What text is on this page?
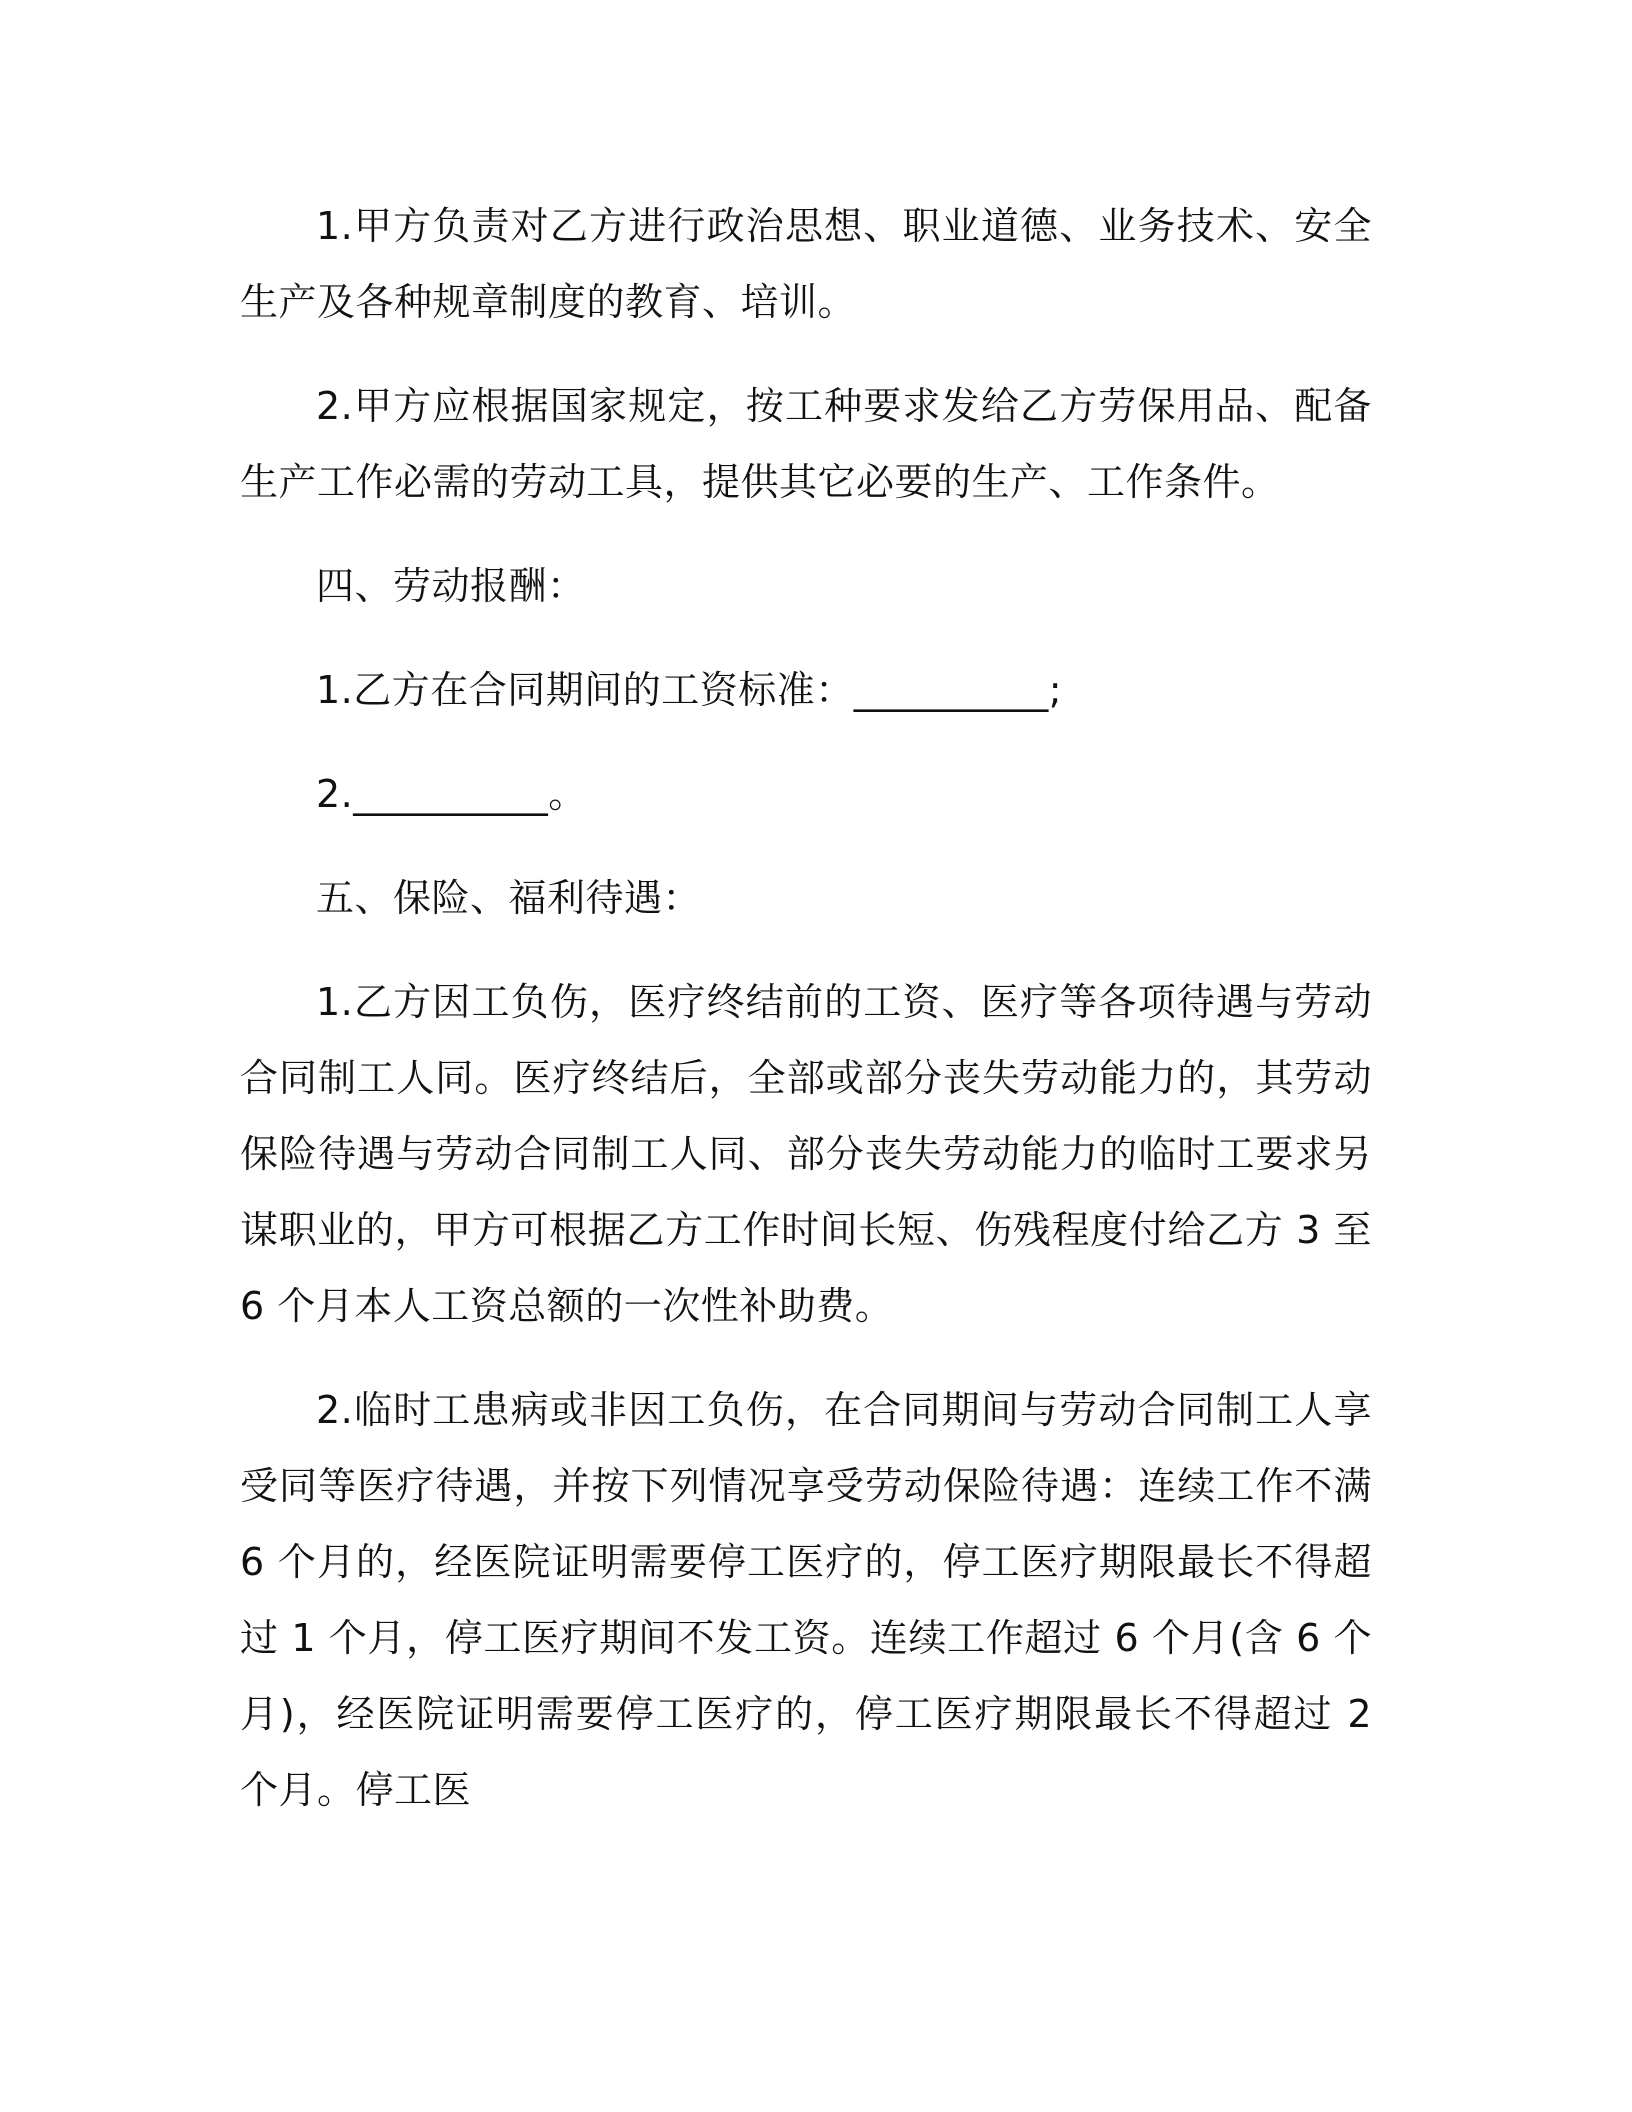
1.甲方负责对乙方进行政治思想、职业道德、业务技术、安全生产及各种规章制度的教育、培训。

2.甲方应根据国家规定，按工种要求发给乙方劳保用品、配备生产工作必需的劳动工具，提供其它必要的生产、工作条件。

四、劳动报酬：

1.乙方在合同期间的工资标准：__________;

2.__________。

五、保险、福利待遇：

1.乙方因工负伤，医疗终结前的工资、医疗等各项待遇与劳动合同制工人同。医疗终结后，全部或部分丧失劳动能力的，其劳动保险待遇与劳动合同制工人同、部分丧失劳动能力的临时工要求另谋职业的，甲方可根据乙方工作时间长短、伤残程度付给乙方 3 至 6 个月本人工资总额的一次性补助费。

2.临时工患病或非因工负伤，在合同期间与劳动合同制工人享受同等医疗待遇，并按下列情况享受劳动保险待遇：连续工作不满 6 个月的，经医院证明需要停工医疗的，停工医疗期限最长不得超过 1 个月，停工医疗期间不发工资。连续工作超过 6 个月(含 6 个月)，经医院证明需要停工医疗的，停工医疗期限最长不得超过 2 个月。停工医
